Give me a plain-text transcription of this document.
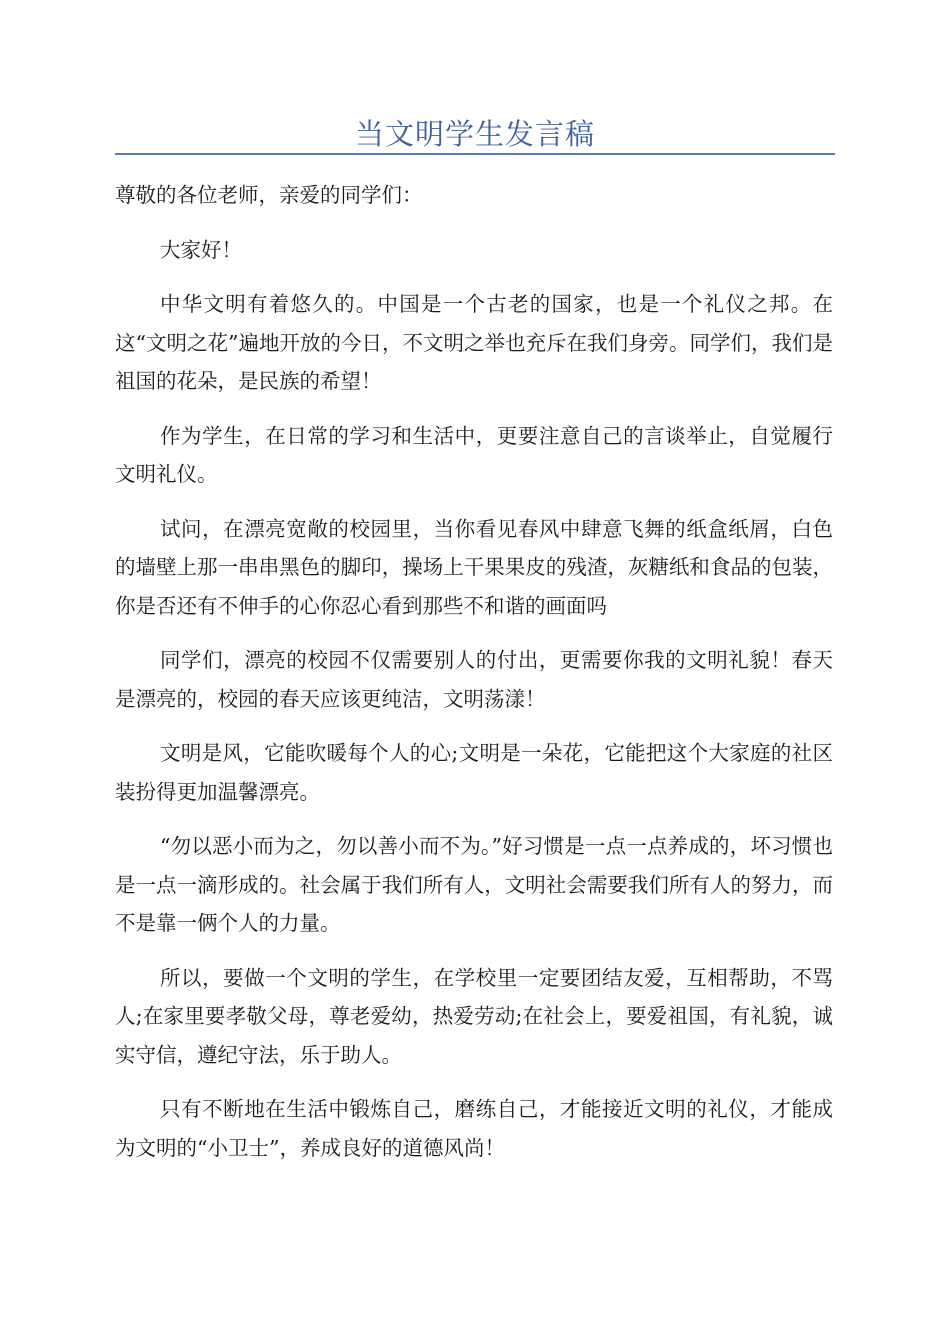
当文明学生发言稿

尊敬的各位老师，亲爱的同学们：

大家好！

中华文明有着悠久的。中国是一个古老的国家，也是一个礼仪之邦。在这“文明之花”遍地开放的今日，不文明之举也充斥在我们身旁。同学们，我们是祖国的花朵，是民族的希望！

作为学生，在日常的学习和生活中，更要注意自己的言谈举止，自觉履行文明礼仪。

试问，在漂亮宽敞的校园里，当你看见春风中肆意飞舞的纸盒纸屑，白色的墙壁上那一串串黑色的脚印，操场上干果果皮的残渣，灰糖纸和食品的包装，你是否还有不伸手的心你忍心看到那些不和谐的画面吗

同学们，漂亮的校园不仅需要别人的付出，更需要你我的文明礼貌！春天是漂亮的，校园的春天应该更纯洁，文明荡漾！

文明是风，它能吹暖每个人的心;文明是一朵花，它能把这个大家庭的社区装扮得更加温馨漂亮。

“勿以恶小而为之，勿以善小而不为。”好习惯是一点一点养成的，坏习惯也是一点一滴形成的。社会属于我们所有人，文明社会需要我们所有人的努力，而不是靠一俩个人的力量。

所以，要做一个文明的学生，在学校里一定要团结友爱，互相帮助，不骂人;在家里要孝敬父母，尊老爱幼，热爱劳动;在社会上，要爱祖国，有礼貌，诚实守信，遵纪守法，乐于助人。

只有不断地在生活中锻炼自己，磨练自己，才能接近文明的礼仪，才能成为文明的“小卫士”，养成良好的道德风尚！
